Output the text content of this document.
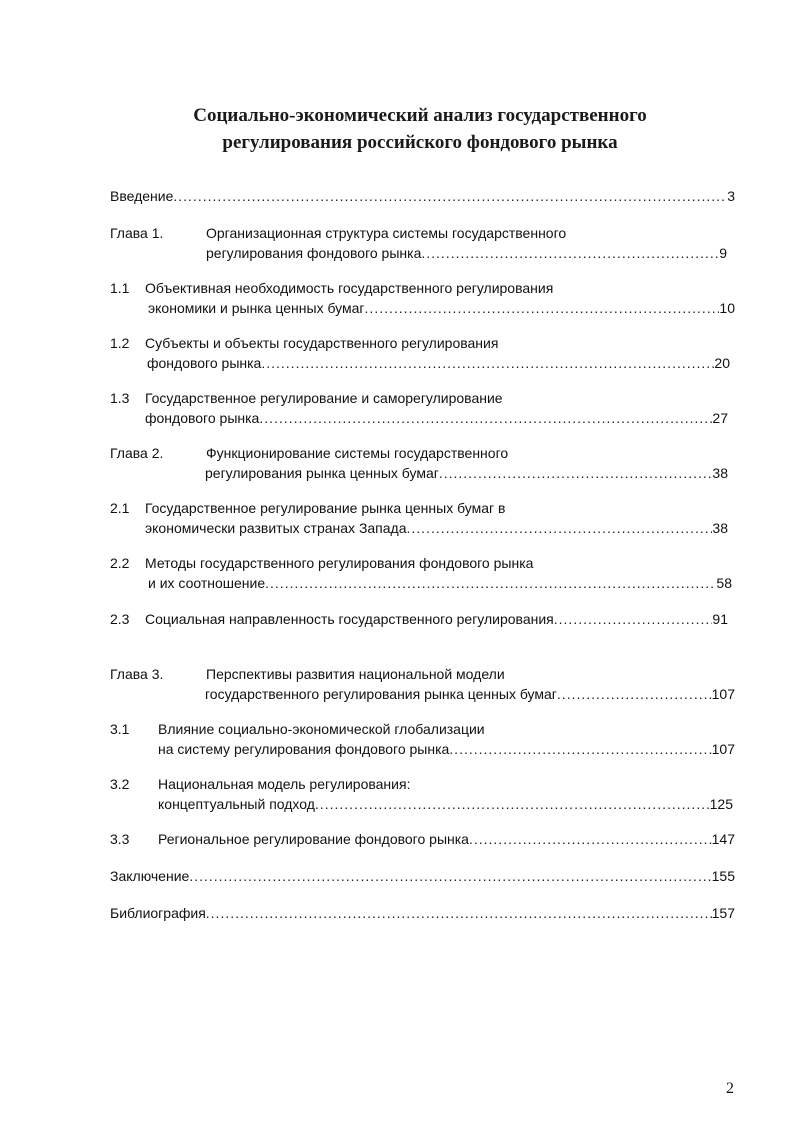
Социально-экономический анализ государственного
регулирования российского фондового рынка
Введение .....	3
Глава 1.	Организационная структура системы государственного
регулирования фондового рынка .....	9
1.1	Объективная необходимость государственного регулирования
экономики и рынка ценных бумаг .....	10
1.2	Субъекты и объекты государственного регулирования
фондового рынка .....	20
1.3	Государственное регулирование и саморегулирование
фондового рынка .....	27
Глава 2.	Функционирование системы государственного
регулирования рынка ценных бумаг .....	38
2.1	Государственное регулирование рынка ценных бумаг в
экономически развитых странах Запада .....	38
2.2	Методы государственного регулирования фондового рынка
и их соотношение .....	58
2.3	Социальная направленность государственного регулирования .....	91
Глава 3.	Перспективы развития национальной модели
государственного регулирования рынка ценных бумаг .....	107
3.1	Влияние социально-экономической глобализации
на систему регулирования фондового рынка .....	107
3.2	Национальная модель регулирования:
концептуальный подход .....	125
3.3	Региональное регулирование фондового рынка .....	147
Заключение .....	155
Библиография .....	157
2
